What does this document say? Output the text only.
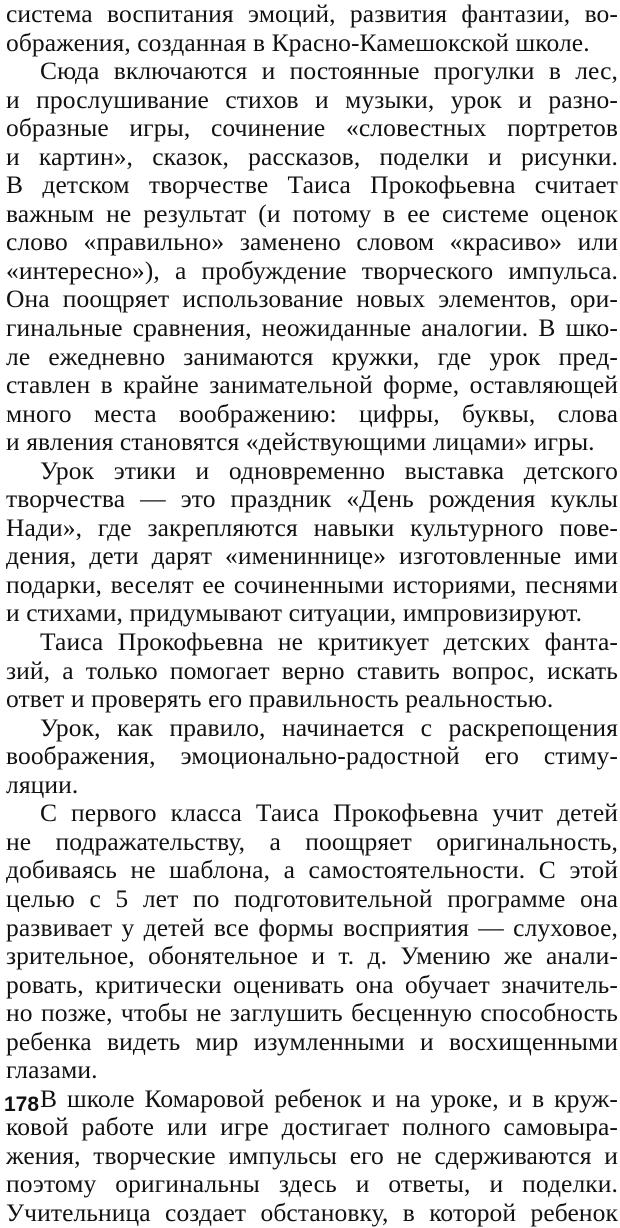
система воспитания эмоций, развития фантазии, во-
ображения, созданная в Красно-Камешокской школе.
Сюда включаются и постоянные прогулки в лес,
и прослушивание стихов и музыки, урок и разно-
образные игры, сочинение «словестных портретов
и картин», сказок, рассказов, поделки и рисунки.
В детском творчестве Таиса Прокофьевна считает
важным не результат (и потому в ее системе оценок
слово «правильно» заменено словом «красиво» или
«интересно»), а пробуждение творческого импульса.
Она поощряет использование новых элементов, ори-
гинальные сравнения, неожиданные аналогии. В шко-
ле ежедневно занимаются кружки, где урок пред-
ставлен в крайне занимательной форме, оставляющей
много места воображению: цифры, буквы, слова
и явления становятся «действующими лицами» игры.
Урок этики и одновременно выставка детского
творчества — это праздник «День рождения куклы
Нади», где закрепляются навыки культурного пове-
дения, дети дарят «имениннице» изготовленные ими
подарки, веселят ее сочиненными историями, песнями
и стихами, придумывают ситуации, импровизируют.
Таиса Прокофьевна не критикует детских фанта-
зий, а только помогает верно ставить вопрос, искать
ответ и проверять его правильность реальностью.
Урок, как правило, начинается с раскрепощения
воображения, эмоционально-радостной его стиму-
ляции.
С первого класса Таиса Прокофьевна учит детей
не подражательству, а поощряет оригинальность,
добиваясь не шаблона, а самостоятельности. С этой
целью с 5 лет по подготовительной программе она
развивает у детей все формы восприятия — слуховое,
зрительное, обонятельное и т. д. Умению же анали-
ровать, критически оценивать она обучает значитель-
но позже, чтобы не заглушить бесценную способность
ребенка видеть мир изумленными и восхищенными
глазами.
В школе Комаровой ребенок и на уроке, и в круж-
ковой работе или игре достигает полного самовыра-
жения, творческие импульсы его не сдерживаются и
поэтому оригинальны здесь и ответы, и поделки.
Учительница создает обстановку, в которой ребенок
178
